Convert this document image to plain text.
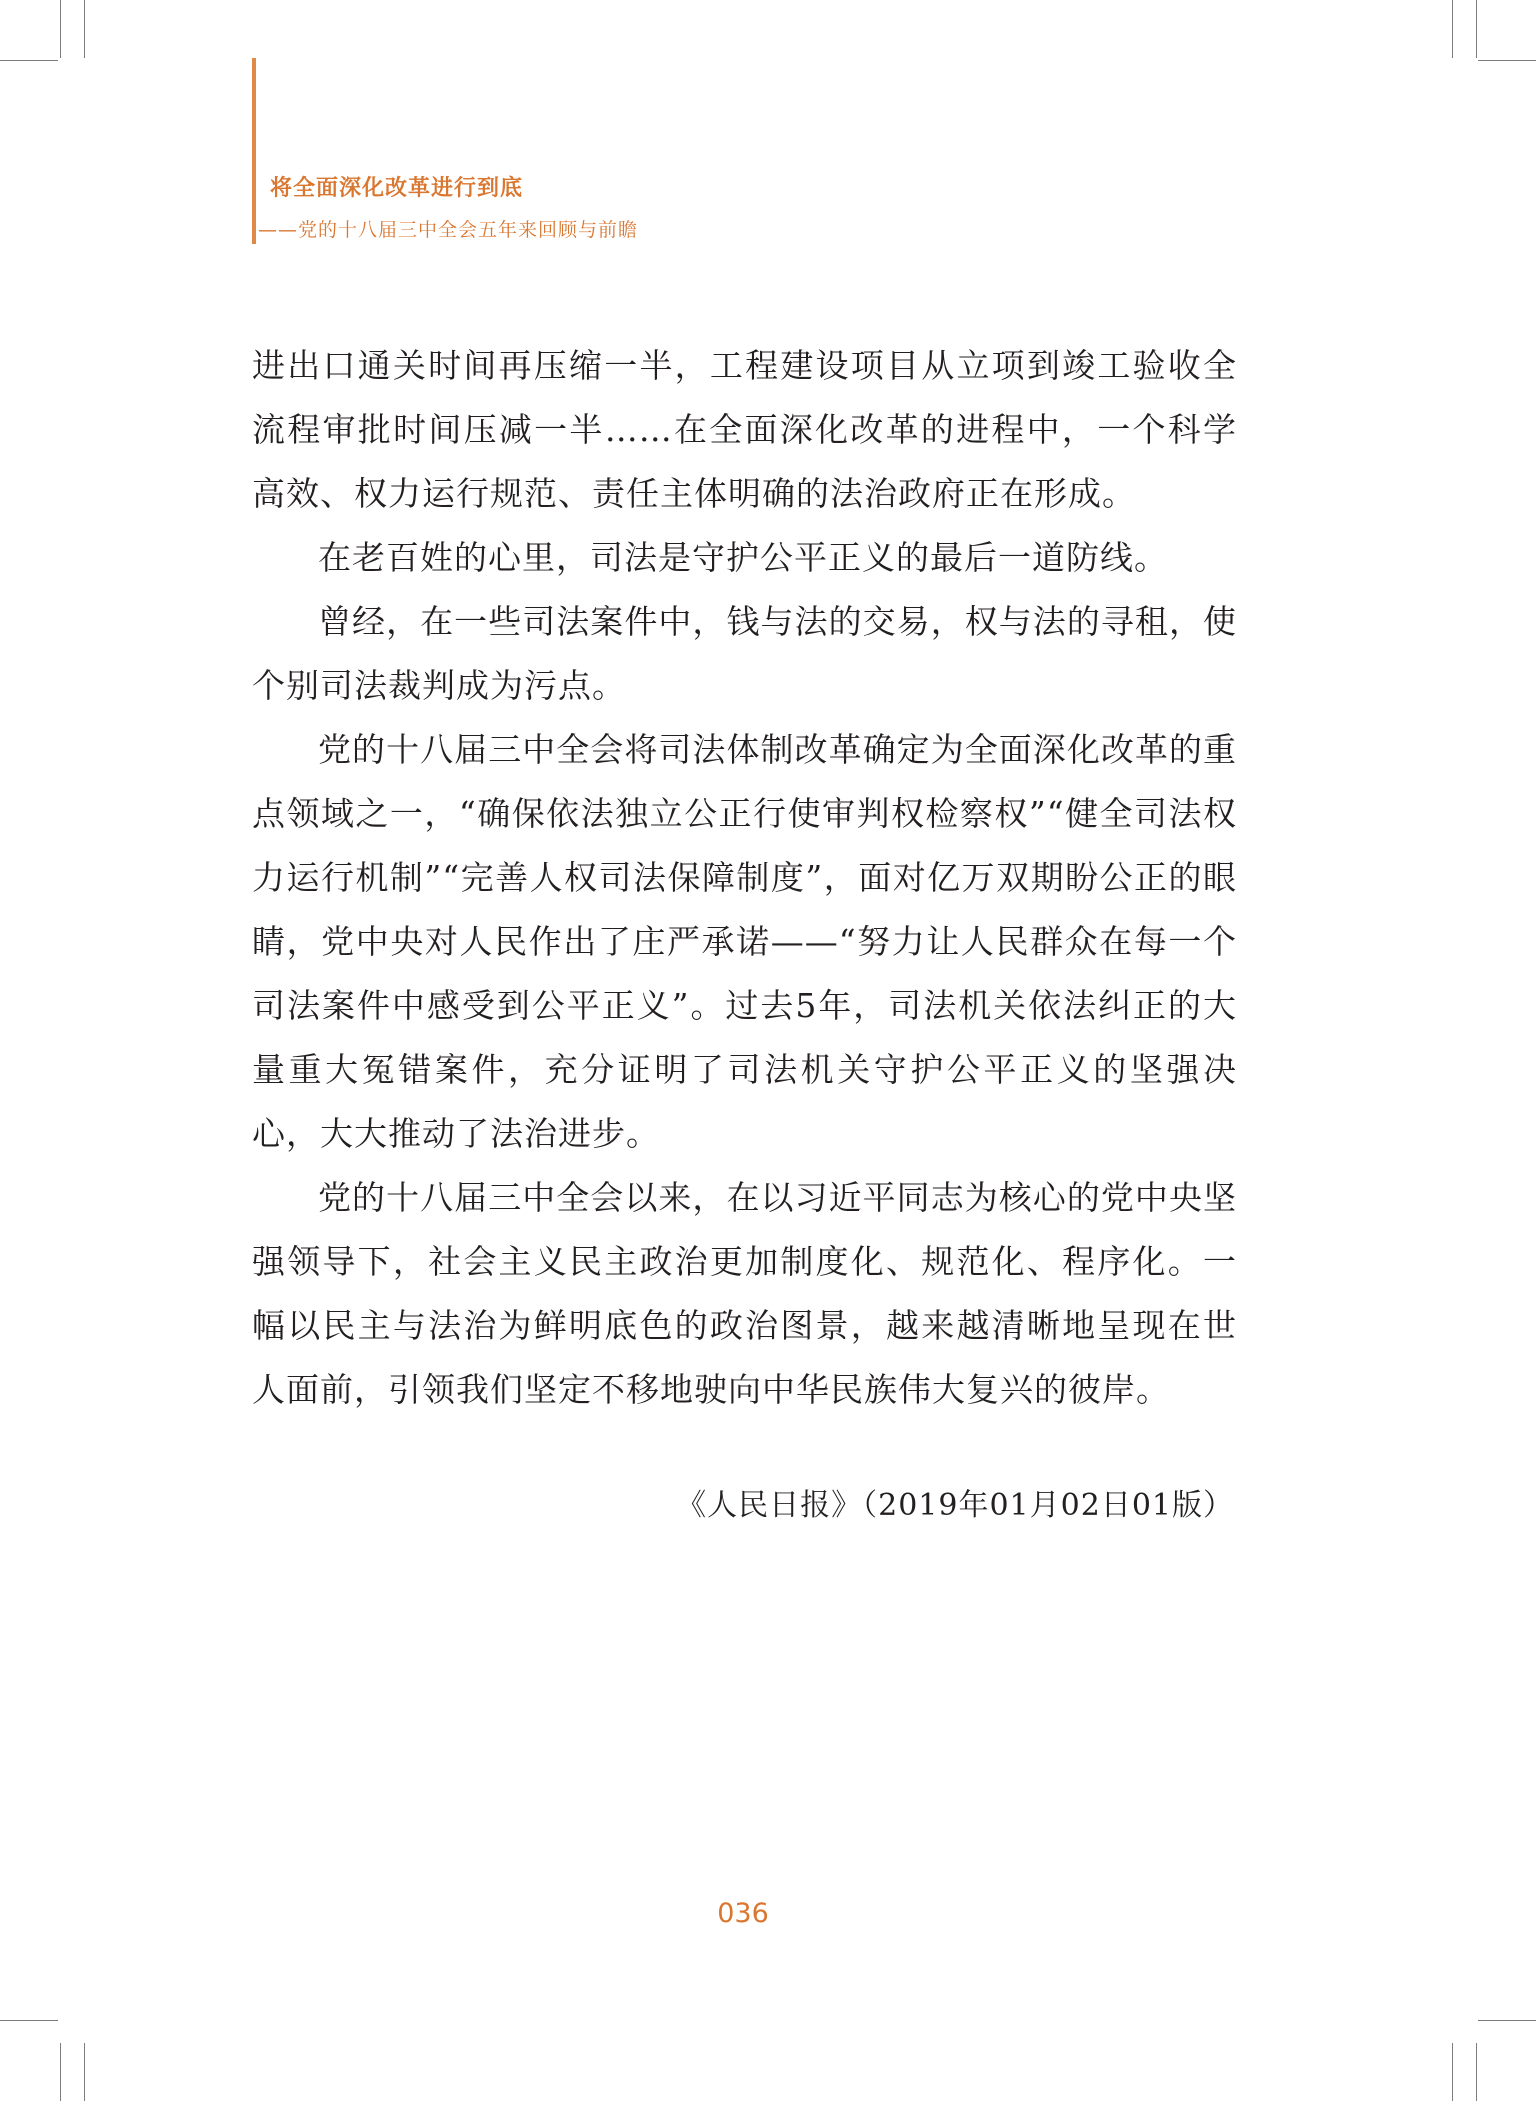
将全面深化改革进行到底
——党的十八届三中全会五年来回顾与前瞻

进出口通关时间再压缩一半，工程建设项目从立项到竣工验收全流程审批时间压减一半……在全面深化改革的进程中，一个科学高效、权力运行规范、责任主体明确的法治政府正在形成。

在老百姓的心里，司法是守护公平正义的最后一道防线。

曾经，在一些司法案件中，钱与法的交易，权与法的寻租，使个别司法裁判成为污点。

党的十八届三中全会将司法体制改革确定为全面深化改革的重点领域之一，“确保依法独立公正行使审判权检察权”“健全司法权力运行机制”“完善人权司法保障制度”，面对亿万双期盼公正的眼睛，党中央对人民作出了庄严承诺——“努力让人民群众在每一个司法案件中感受到公平正义”。过去5年，司法机关依法纠正的大量重大冤错案件，充分证明了司法机关守护公平正义的坚强决心，大大推动了法治进步。

党的十八届三中全会以来，在以习近平同志为核心的党中央坚强领导下，社会主义民主政治更加制度化、规范化、程序化。一幅以民主与法治为鲜明底色的政治图景，越来越清晰地呈现在世人面前，引领我们坚定不移地驶向中华民族伟大复兴的彼岸。

《人民日报》（2019年01月02日01版）
036
